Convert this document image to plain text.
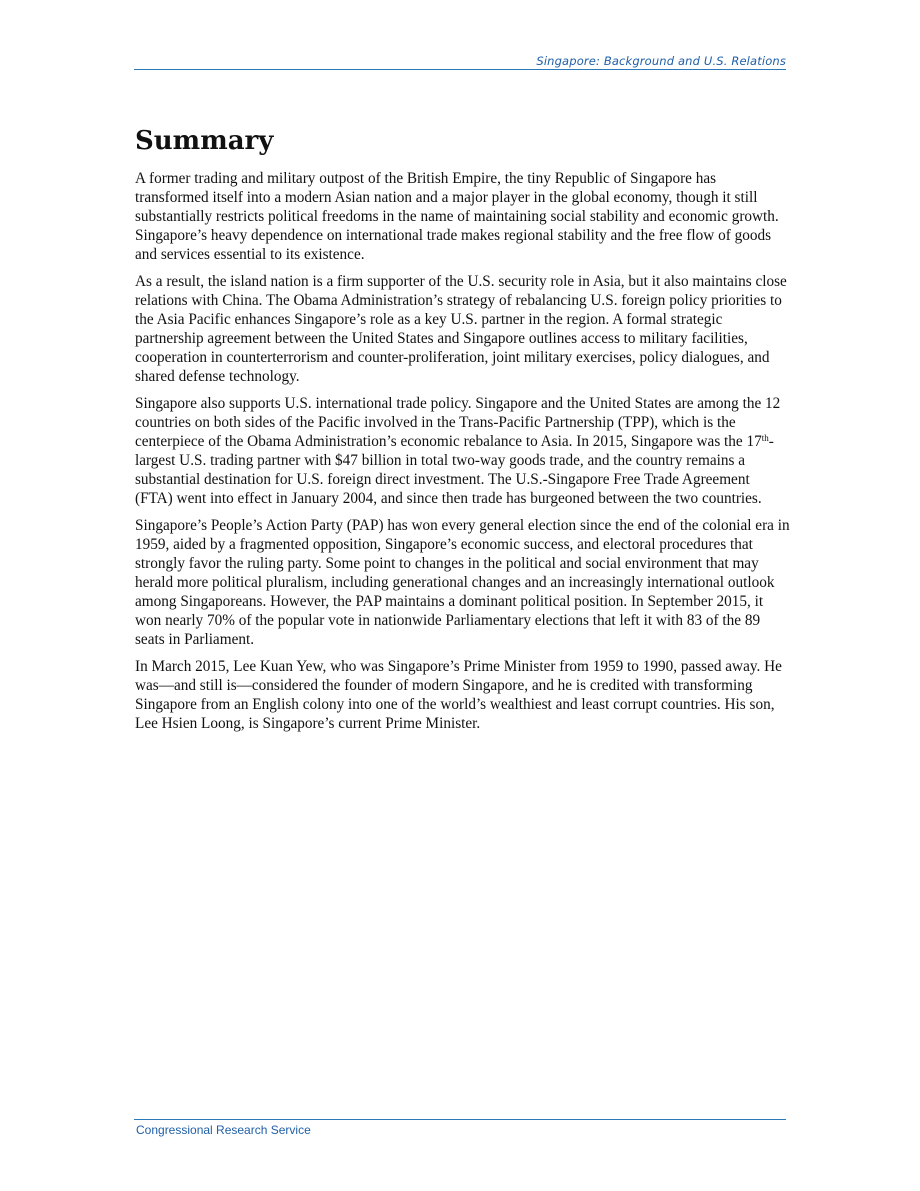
Singapore: Background and U.S. Relations
Summary

A former trading and military outpost of the British Empire, the tiny Republic of Singapore has transformed itself into a modern Asian nation and a major player in the global economy, though it still substantially restricts political freedoms in the name of maintaining social stability and economic growth. Singapore’s heavy dependence on international trade makes regional stability and the free flow of goods and services essential to its existence.

As a result, the island nation is a firm supporter of the U.S. security role in Asia, but it also maintains close relations with China. The Obama Administration’s strategy of rebalancing U.S. foreign policy priorities to the Asia Pacific enhances Singapore’s role as a key U.S. partner in the region. A formal strategic partnership agreement between the United States and Singapore outlines access to military facilities, cooperation in counterterrorism and counter-proliferation, joint military exercises, policy dialogues, and shared defense technology.

Singapore also supports U.S. international trade policy. Singapore and the United States are among the 12 countries on both sides of the Pacific involved in the Trans-Pacific Partnership (TPP), which is the centerpiece of the Obama Administration’s economic rebalance to Asia. In 2015, Singapore was the 17th-largest U.S. trading partner with $47 billion in total two-way goods trade, and the country remains a substantial destination for U.S. foreign direct investment. The U.S.-Singapore Free Trade Agreement (FTA) went into effect in January 2004, and since then trade has burgeoned between the two countries.

Singapore’s People’s Action Party (PAP) has won every general election since the end of the colonial era in 1959, aided by a fragmented opposition, Singapore’s economic success, and electoral procedures that strongly favor the ruling party. Some point to changes in the political and social environment that may herald more political pluralism, including generational changes and an increasingly international outlook among Singaporeans. However, the PAP maintains a dominant political position. In September 2015, it won nearly 70% of the popular vote in nationwide Parliamentary elections that left it with 83 of the 89 seats in Parliament.

In March 2015, Lee Kuan Yew, who was Singapore’s Prime Minister from 1959 to 1990, passed away. He was—and still is—considered the founder of modern Singapore, and he is credited with transforming Singapore from an English colony into one of the world’s wealthiest and least corrupt countries. His son, Lee Hsien Loong, is Singapore’s current Prime Minister.

Congressional Research Service
